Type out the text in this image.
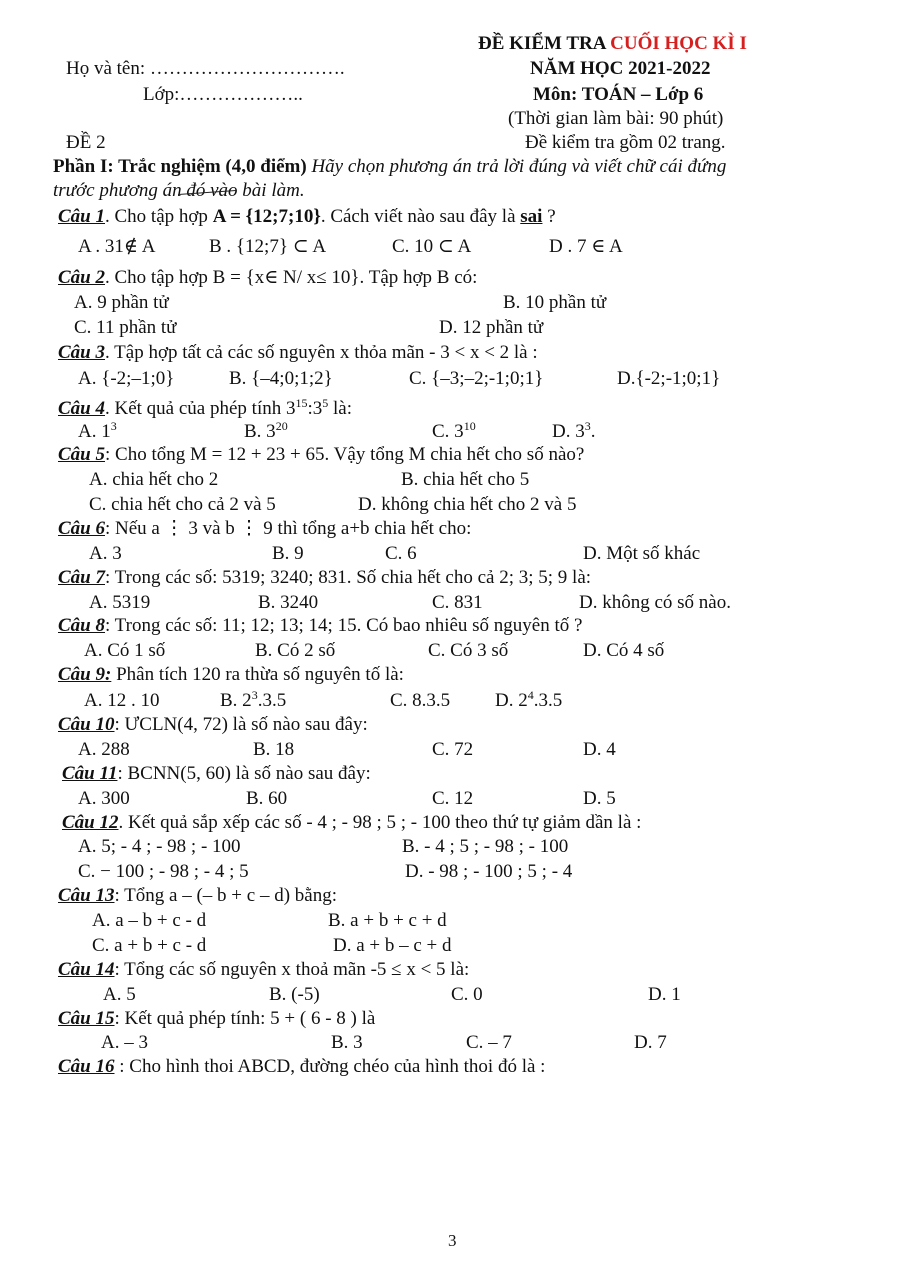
ĐỀ KIỂM TRA CUỐI HỌC KÌ I
Họ và tên: ………………………….	NĂM HỌC 2021-2022
Lớp:………………..	Môn: TOÁN – Lớp 6
(Thời gian làm bài: 90 phút)
ĐỀ 2	Đề kiểm tra gồm 02 trang.
Phần I: Trắc nghiệm (4,0 điểm) Hãy chọn phương án trả lời đúng và viết chữ cái đứng
trước phương án đó vào bài làm.
Câu 1. Cho tập hợp A = {12;7;10}. Cách viết nào sau đây là sai ?
A . 31∉ A	B . {12;7} ⊂ A	C. 10 ⊂ A	D . 7 ∈ A
Câu 2. Cho tập hợp B = {x∈ N/ x≤ 10}. Tập hợp B có:
A. 9 phần tử	B. 10 phần tử
C. 11 phần tử	D. 12 phần tử
Câu 3. Tập hợp tất cả các số nguyên x thỏa mãn - 3 < x < 2 là :
A. {-2;–1;0}	B. {–4;0;1;2}	C. {–3;–2;-1;0;1}	D.{-2;-1;0;1}
Câu 4. Kết quả của phép tính $3^{15}:3^5$ là:
A. $1^3$	B. $3^{20}$	C. $3^{10}$	D. $3^3$.
Câu 5: Cho tổng M = 12 + 23 + 65. Vậy tổng M chia hết cho số nào?
A. chia hết cho 2	B. chia hết cho 5
C. chia hết cho cả 2 và 5	D. không chia hết cho 2 và 5
Câu 6: Nếu a ⋮ 3 và b ⋮ 9 thì tổng a+b chia hết cho:
A. 3	B. 9	C. 6	D. Một số khác
Câu 7: Trong các số: 5319; 3240; 831. Số chia hết cho cả 2; 3; 5; 9 là:
A. 5319	B. 3240	C. 831	D. không có số nào.
Câu 8: Trong các số: 11; 12; 13; 14; 15. Có bao nhiêu số nguyên tố ?
A. Có 1 số	B. Có 2 số	C. Có 3 số	D. Có 4 số
Câu 9: Phân tích 120 ra thừa số nguyên tố là:
A. 12 . 10	B. $2^3.3.5$	C. 8.3.5 D. $2^4.3.5$
Câu 10: ƯCLN(4, 72) là số nào sau đây:
A. 288	B. 18	C. 72	D. 4
Câu 11: BCNN(5, 60) là số nào sau đây:
A. 300	B. 60	C. 12	D. 5
Câu 12. Kết quả sắp xếp các số - 4 ; - 98 ; 5 ; - 100 theo thứ tự giảm dần là :
A. 5; - 4 ; - 98 ; - 100	B. - 4 ; 5 ; - 98 ; - 100
C. − 100 ; - 98 ; - 4 ; 5	D. - 98 ; - 100 ; 5 ; - 4
Câu 13: Tổng a – (– b + c – d) bằng:
A. a – b + c - d	B. a + b + c + d
C. a + b + c - d	D. a + b – c + d
Câu 14: Tổng các số nguyên x thoả mãn -5 ≤ x < 5 là:
A. 5	B. (-5)	C. 0	D. 1
Câu 15: Kết quả phép tính: 5 + ( 6 - 8 ) là
A. – 3	B. 3	C. – 7	D. 7
Câu 16 : Cho hình thoi ABCD, đường chéo của hình thoi đó là :
3
